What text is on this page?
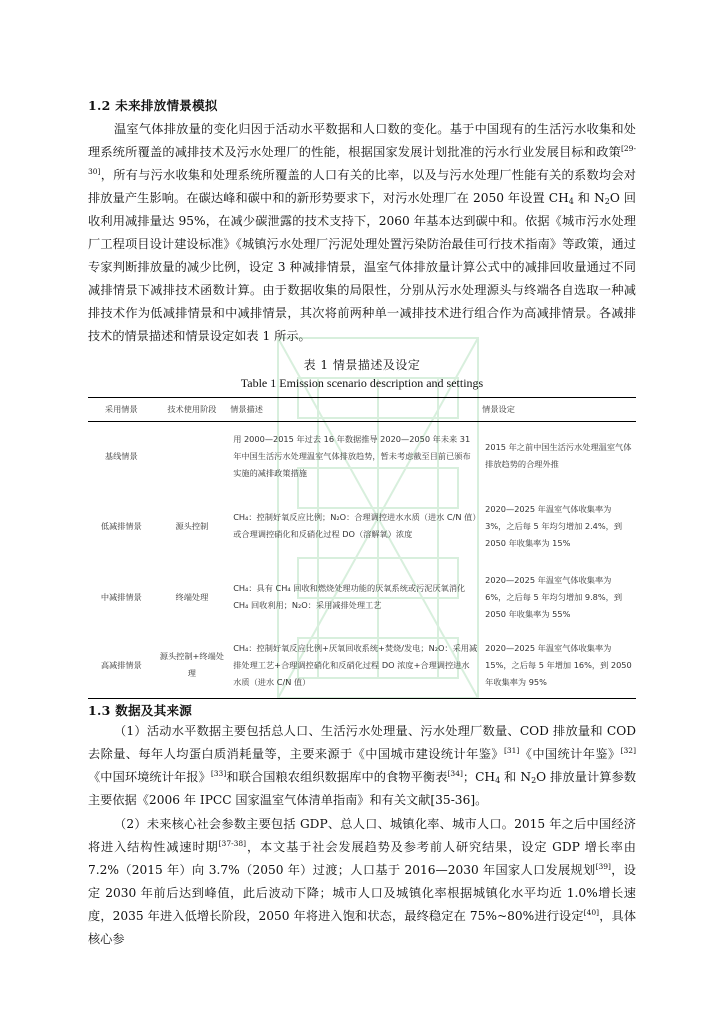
1.2 未来排放情景模拟

温室气体排放量的变化归因于活动水平数据和人口数的变化。基于中国现有的生活污水收集和处理系统所覆盖的减排技术及污水处理厂的性能，根据国家发展计划批准的污水行业发展目标和政策[29-30]，所有与污水收集和处理系统所覆盖的人口有关的比率，以及与污水处理厂性能有关的系数均会对排放量产生影响。在碳达峰和碳中和的新形势要求下，对污水处理厂在 2050 年设置 $CH_4$ 和 $N_2O$ 回收利用减排量达 95%，在减少碳泄露的技术支持下，2060 年基本达到碳中和。依据《城市污水处理厂工程项目设计建设标准》《城镇污水处理厂污泥处理处置污染防治最佳可行技术指南》等政策，通过专家判断排放量的减少比例，设定 3 种减排情景，温室气体排放量计算公式中的减排回收量通过不同减排情景下减排技术函数计算。由于数据收集的局限性，分别从污水处理源头与终端各自选取一种减排技术作为低减排情景和中减排情景，其次将前两种单一减排技术进行组合作为高减排情景。各减排技术的情景描述和情景设定如表 1 所示。

表 1 情景描述及设定
Table 1 Emission scenario description and settings
采用情景	技术使用阶段	情景描述	情景设定
基线情景		用 2000—2015 年过去 16 年数据推导 2020—2050 年未来 31 年中国生活污水处理温室气体排放趋势，暂未考虑截至目前已颁布实施的减排政策措施	2015 年之前中国生活污水处理温室气体排放趋势的合理外推
低减排情景	源头控制	CH₄：控制好氧反应比例；N₂O：合理调控进水水质（进水 C/N 值）或合理调控硝化和反硝化过程 DO（溶解氧）浓度	2020—2025 年温室气体收集率为 3%，之后每 5 年均匀增加 2.4%，到 2050 年收集率为 15%
中减排情景	终端处理	CH₄：具有 CH₄ 回收和燃烧处理功能的厌氧系统或污泥厌氧消化 CH₄ 回收利用；N₂O：采用减排处理工艺	2020—2025 年温室气体收集率为 6%，之后每 5 年均匀增加 9.8%，到 2050 年收集率为 55%
高减排情景	源头控制+终端处理	CH₄：控制好氧反应比例+厌氧回收系统+焚烧/发电；N₂O：采用减排处理工艺+合理调控硝化和反硝化过程 DO 浓度+合理调控进水水质（进水 C/N 值）	2020—2025 年温室气体收集率为 15%，之后每 5 年增加 16%，到 2050 年收集率为 95%
1.3 数据及其来源

（1）活动水平数据主要包括总人口、生活污水处理量、污水处理厂数量、COD 排放量和 COD 去除量、每年人均蛋白质消耗量等，主要来源于《中国城市建设统计年鉴》[31]《中国统计年鉴》[32]《中国环境统计年报》[33]和联合国粮农组织数据库中的食物平衡表[34]；$CH_4$ 和 $N_2O$ 排放量计算参数主要依据《2006 年 IPCC 国家温室气体清单指南》和有关文献[35-36]。

（2）未来核心社会参数主要包括 GDP、总人口、城镇化率、城市人口。2015 年之后中国经济将进入结构性减速时期[37-38]，本文基于社会发展趋势及参考前人研究结果，设定 GDP 增长率由 7.2%（2015 年）向 3.7%（2050 年）过渡；人口基于 2016—2030 年国家人口发展规划[39]，设定 2030 年前后达到峰值，此后波动下降；城市人口及城镇化率根据城镇化水平均近 1.0%增长速度，2035 年进入低增长阶段，2050 年将进入饱和状态，最终稳定在 75%~80%进行设定[40]，具体核心参
